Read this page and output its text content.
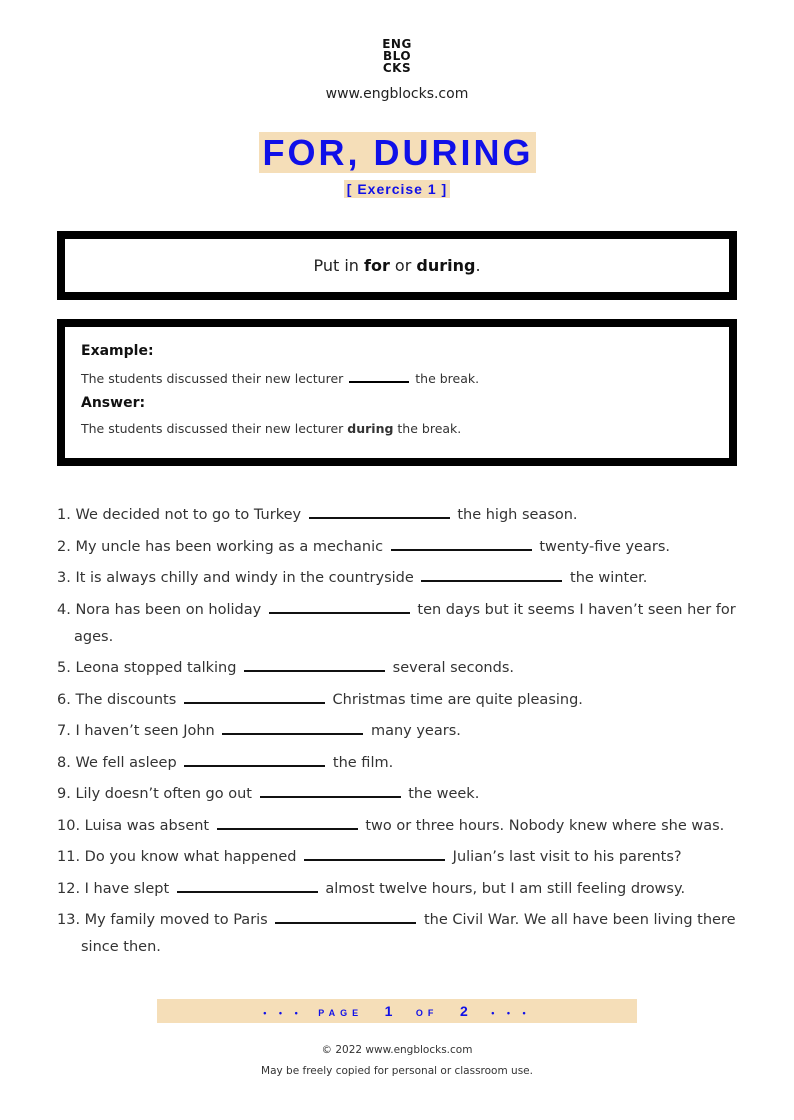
ENG
BLO
CKS
www.engblocks.com
FOR, DURING
[ Exercise 1 ]
Put in for or during.

Example:

The students discussed their new lecturer	the break.

Answer:

The students discussed their new lecturer during the break.

1. We decided not to go to Turkey	the high season.
2. My uncle has been working as a mechanic	twenty-five years.
3. It is always chilly and windy in the countryside	the winter.
4. Nora has been on holiday	ten days but it seems I haven’t seen her for ages.
5. Leona stopped talking	several seconds.
6. The discounts	Christmas time are quite pleasing.
7. I haven’t seen John	many years.
8. We fell asleep	the film.
9. Lily doesn’t often go out	the week.
10. Luisa was absent	two or three hours. Nobody knew where she was.
11. Do you know what happened	Julian’s last visit to his parents?
12. I have slept	almost twelve hours, but I am still feeling drowsy.
13. My family moved to Paris	the Civil War. We all have been living there since then.
• • • PAGE 1 OF 2 • • •
© 2022 www.engblocks.com
May be freely copied for personal or classroom use.
